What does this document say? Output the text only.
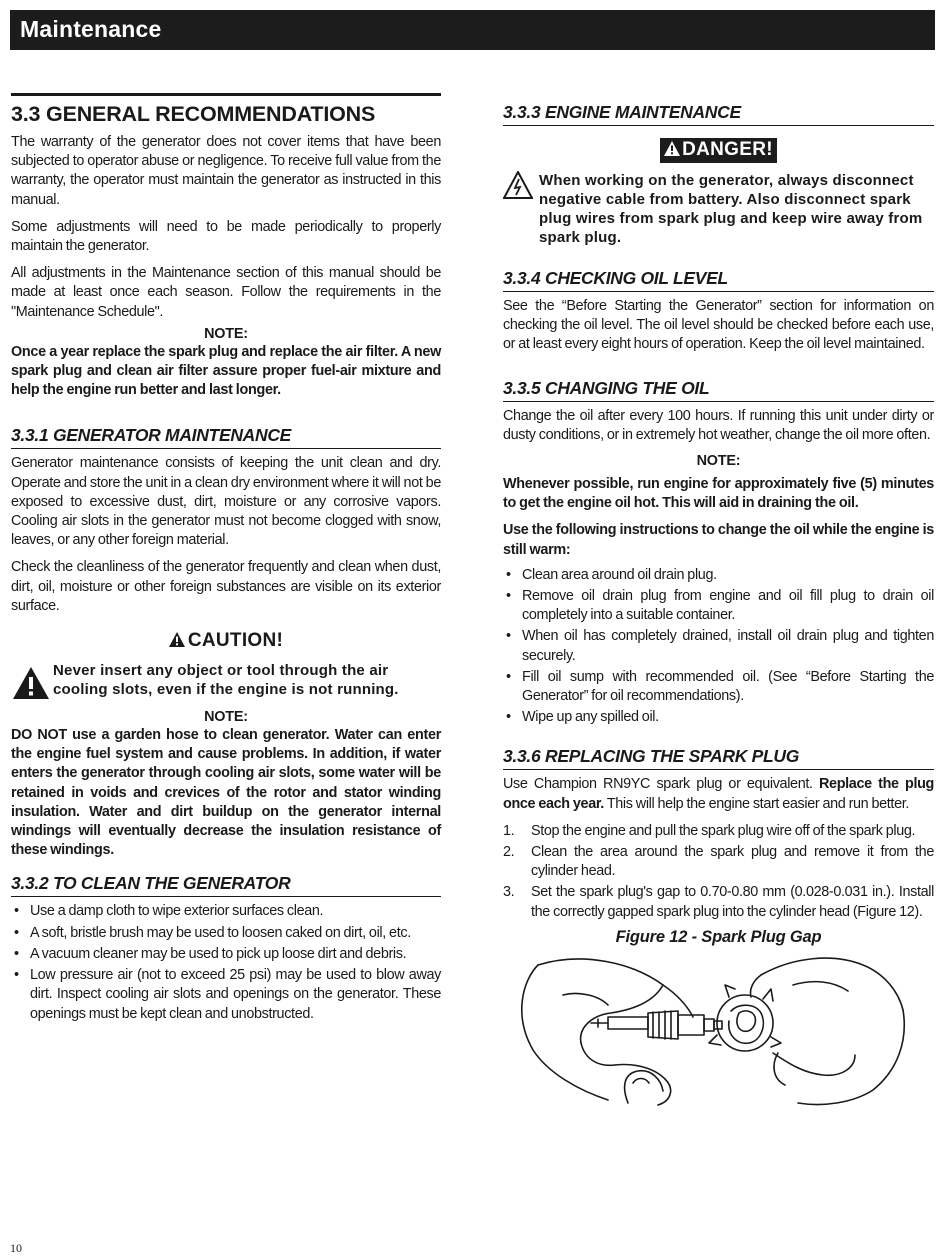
Maintenance
3.3 GENERAL RECOMMENDATIONS

The warranty of the generator does not cover items that have been subjected to operator abuse or negligence. To receive full value from the warranty, the operator must maintain the generator as instructed in this manual.

Some adjustments will need to be made periodically to properly maintain the generator.

All adjustments in the Maintenance section of this manual should be made at least once each season. Follow the requirements in the "Maintenance Schedule".

NOTE:

Once a year replace the spark plug and replace the air filter. A new spark plug and clean air filter assure proper fuel-air mixture and help the engine run better and last longer.

3.3.1 GENERATOR MAINTENANCE

Generator maintenance consists of keeping the unit clean and dry. Operate and store the unit in a clean dry environment where it will not be exposed to excessive dust, dirt, moisture or any corrosive vapors. Cooling air slots in the generator must not become clogged with snow, leaves, or any other foreign material.

Check the cleanliness of the generator frequently and clean when dust, dirt, oil, moisture or other foreign substances are visible on its exterior surface.

CAUTION!
Never insert any object or tool through the air cooling slots, even if the engine is not running.
NOTE:

DO NOT use a garden hose to clean generator. Water can enter the engine fuel system and cause problems. In addition, if water enters the generator through cooling air slots, some water will be retained in voids and crevices of the rotor and stator winding insulation. Water and dirt buildup on the generator internal windings will eventually decrease the insulation resistance of these windings.

3.3.2 TO CLEAN THE GENERATOR
• Use a damp cloth to wipe exterior surfaces clean.
• A soft, bristle brush may be used to loosen caked on dirt, oil, etc.
• A vacuum cleaner may be used to pick up loose dirt and debris.
• Low pressure air (not to exceed 25 psi) may be used to blow away dirt. Inspect cooling air slots and openings on the generator. These openings must be kept clean and unobstructed.
3.3.3 ENGINE MAINTENANCE
DANGER!
When working on the generator, always disconnect negative cable from battery. Also disconnect spark plug wires from spark plug and keep wire away from spark plug.
3.3.4 CHECKING OIL LEVEL

See the “Before Starting the Generator” section for information on checking the oil level. The oil level should be checked before each use, or at least every eight hours of operation. Keep the oil level maintained.

3.3.5 CHANGING THE OIL

Change the oil after every 100 hours. If running this unit under dirty or dusty conditions, or in extremely hot weather, change the oil more often.

NOTE:

Whenever possible, run engine for approximately five (5) minutes to get the engine oil hot. This will aid in draining the oil.

Use the following instructions to change the oil while the engine is still warm:

• Clean area around oil drain plug.
• Remove oil drain plug from engine and oil fill plug to drain oil completely into a suitable container.
• When oil has completely drained, install oil drain plug and tighten securely.
• Fill oil sump with recommended oil. (See “Before Starting the Generator” for oil recommendations).
• Wipe up any spilled oil.
3.3.6 REPLACING THE SPARK PLUG

Use Champion RN9YC spark plug or equivalent. Replace the plug once each year. This will help the engine start easier and run better.

1. Stop the engine and pull the spark plug wire off of the spark plug.
2. Clean the area around the spark plug and remove it from the cylinder head.
3. Set the spark plug's gap to 0.70-0.80 mm (0.028-0.031 in.). Install the correctly gapped spark plug into the cylinder head (Figure 12).
Figure 12 - Spark Plug Gap
10
